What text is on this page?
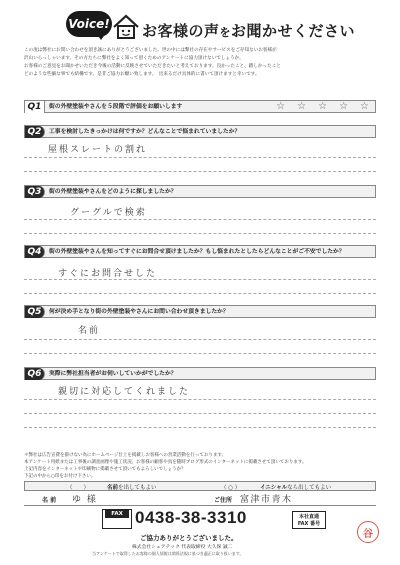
Voice! お客様の声をお聞かせください
この度は弊社にお問い合わせを頂き誠にありがとうございました。世の中には弊社の存在やサービスをご存知ないお客様が
沢山いらっしゃいます。その方たちに弊社をよく知って頂くためのアンケートに協力頂けないでしょうか。
お客様のご意見をお聞かせいただき今後の活動に反映させていただきたいと考えております。良かったこと、踏しかったこと
どのような些細な事でも結構です。是非ご協力お願い致します。　出来るだけ具体的に書いて頂けますと幸いです。
Q1	街の外壁塗装やさんを５段階で評価をお願いします	☆ ☆ ☆ ☆ ☆
Q2	工事を検討したきっかけは何ですか？どんなことで悩まれていましたか？
屋根スレートの割れ
Q3	街の外壁塗装やさんをどのように探しましたか？
グーグルで検索
Q4	街の外壁塗装やさんを知ってすぐにお問合せ頂けましたか？もし悩まれたとしたらどんなことがご不安でしたか？
すぐにお問合せした
Q5	何が決め手となり街の外壁塗装やさんにお問い合わせ頂きましたか？
名前
Q6	実際に弊社担当者がお伺いしていかがでしたか？
親切に対応してくれました
＊弊社は広告宣費を掛けない為にホームページ仕上を掲載しお客様への営業活動を行っております。
本アンケート用紙または工事後の調査画像や施工状況、お客様の顧客や真を随時ブログ形式のインターネットに掲載させて頂いております。
上記内容をインターネットや印刷物に掲載させて頂いてもよろしいでしょうか？
下記の中から○印をお付け下さい。
（　　）	名前を出してもよい	（ ○ ）	イニシャルなら出してもよい
名 前 ゆ 様	ご住所 富津市青木
FAX 0438-38-3310	本社直通
FAX 番号
ご協力ありがとうございました。
株式会社シェアテック 代表取締役 大久保 誠二
当アンケートで取得したお客様の個人情報は関係法規に基づき適正に取り扱います。
谷
